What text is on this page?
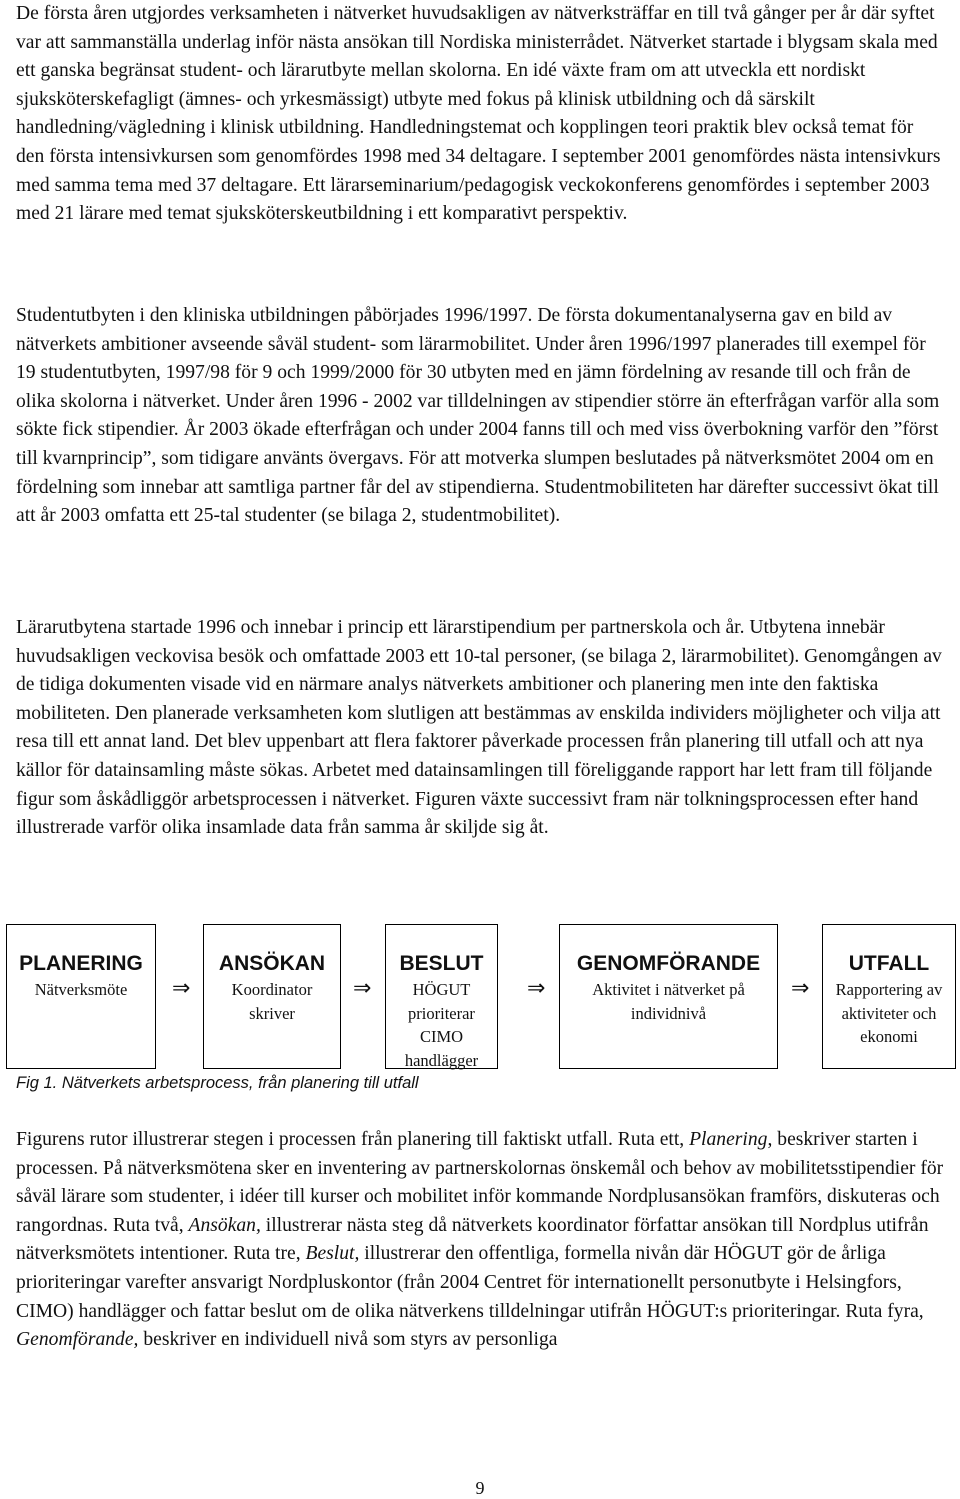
De första åren utgjordes verksamheten i nätverket huvudsakligen av nätverksträffar en till två gånger per år där syftet var att sammanställa underlag inför nästa ansökan till Nordiska ministerrådet. Nätverket startade i blygsam skala med ett ganska begränsat student- och lärarutbyte mellan skolorna. En idé växte fram om att utveckla ett nordiskt sjuksköterskefagligt (ämnes- och yrkesmässigt) utbyte med fokus på klinisk utbildning och då särskilt handledning/vägledning i klinisk utbildning. Handledningstemat och kopplingen teori praktik blev också temat för den första intensivkursen som genomfördes 1998 med 34 deltagare. I september 2001 genomfördes nästa intensivkurs med samma tema med 37 deltagare. Ett lärarseminarium/pedagogisk veckokonferens genomfördes i september 2003 med 21 lärare med temat sjuksköterskeutbildning i ett komparativt perspektiv.

Studentutbyten i den kliniska utbildningen påbörjades 1996/1997. De första dokumentanalyserna gav en bild av nätverkets ambitioner avseende såväl student- som lärarmobilitet. Under åren 1996/1997 planerades till exempel för 19 studentutbyten, 1997/98 för 9 och 1999/2000 för 30 utbyten med en jämn fördelning av resande till och från de olika skolorna i nätverket. Under åren 1996 - 2002 var tilldelningen av stipendier större än efterfrågan varför alla som sökte fick stipendier. År 2003 ökade efterfrågan och under 2004 fanns till och med viss överbokning varför den ”först till kvarnprincip”, som tidigare använts övergavs. För att motverka slumpen beslutades på nätverksmötet 2004 om en fördelning som innebar att samtliga partner får del av stipendierna. Studentmobiliteten har därefter successivt ökat till att år 2003 omfatta ett 25-tal studenter (se bilaga 2, studentmobilitet).

Lärarutbytena startade 1996 och innebar i princip ett lärarstipendium per partnerskola och år. Utbytena innebär huvudsakligen veckovisa besök och omfattade 2003 ett 10-tal personer, (se bilaga 2, lärarmobilitet). Genomgången av de tidiga dokumenten visade vid en närmare analys nätverkets ambitioner och planering men inte den faktiska mobiliteten. Den planerade verksamheten kom slutligen att bestämmas av enskilda individers möjligheter och vilja att resa till ett annat land. Det blev uppenbart att flera faktorer påverkade processen från planering till utfall och att nya källor för datainsamling måste sökas. Arbetet med datainsamlingen till föreliggande rapport har lett fram till följande figur som åskådliggör arbetsprocessen i nätverket. Figuren växte successivt fram när tolkningsprocessen efter hand illustrerade varför olika insamlade data från samma år skiljde sig åt.

PLANERING
Nätverksmöte	⇒
ANSÖKAN
Koordinator skriver
⇒
BESLUT
HÖGUT prioriterar CIMO handlägger
⇒
GENOMFÖRANDE
Aktivitet i nätverket på individnivå
⇒
UTFALL
Rapportering av aktiviteter och ekonomi
Fig 1. Nätverkets arbetsprocess, från planering till utfall

Figurens rutor illustrerar stegen i processen från planering till faktiskt utfall. Ruta ett, Planering, beskriver starten i processen. På nätverksmötena sker en inventering av partnerskolornas önskemål och behov av mobilitetsstipendier för såväl lärare som studenter, i idéer till kurser och mobilitet inför kommande Nordplusansökan framförs, diskuteras och rangordnas. Ruta två, Ansökan, illustrerar nästa steg då nätverkets koordinator författar ansökan till Nordplus utifrån nätverksmötets intentioner. Ruta tre, Beslut, illustrerar den offentliga, formella nivån där HÖGUT gör de årliga prioriteringar varefter ansvarigt Nordpluskontor (från 2004 Centret för internationellt personutbyte i Helsingfors, CIMO) handlägger och fattar beslut om de olika nätverkens tilldelningar utifrån HÖGUT:s prioriteringar. Ruta fyra, Genomförande, beskriver en individuell nivå som styrs av personliga

9
